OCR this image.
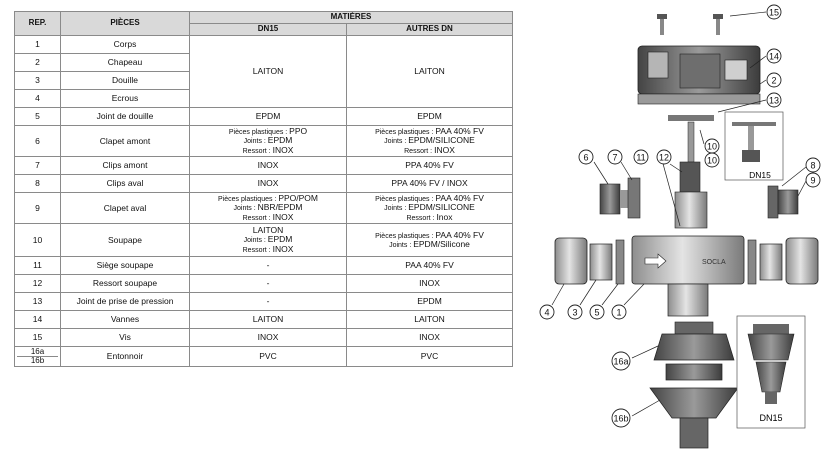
REP.	PIÈCES	MATIÈRES	
		DN15	AUTRES DN
1	Corps	LAITON	LAITON
2	Chapeau		
3	Douille		
4	Ecrous		
5	Joint de douille	EPDM	EPDM
6	Clapet amont	Pièces plastiques : PPO
Joints : EPDM
Ressort : INOX	Pièces plastiques : PAA 40% FV
Joints : EPDM/SILICONE
Ressort : INOX

7	Clips amont	INOX	PPA 40% FV
8	Clips aval	INOX	PPA 40% FV / INOX
9	Clapet aval	Pièces plastiques : PPO/POM
Joints : NBR/EPDM
Ressort : INOX	Pièces plastiques : PAA 40% FV
Joints : EPDM/SILICONE
Ressort : Inox

10	Soupape	LAITON
Joints : EPDM
Ressort : INOX	Pièces plastiques : PAA 40% FV
Joints : EPDM/Silicone

11	Siège soupape	-	PAA 40% FV
12	Ressort soupape	-	INOX
13	Joint de prise de pression	-	EPDM
14	Vannes	LAITON	LAITON
15	Vis	INOX	INOX

16a
16b	Entonnoir	PVC	PVC
DN15
SOCLA
DN15
15
14
2
13
10
10
6	7 11 12
8
9
4	3 5 1
16a
16b
